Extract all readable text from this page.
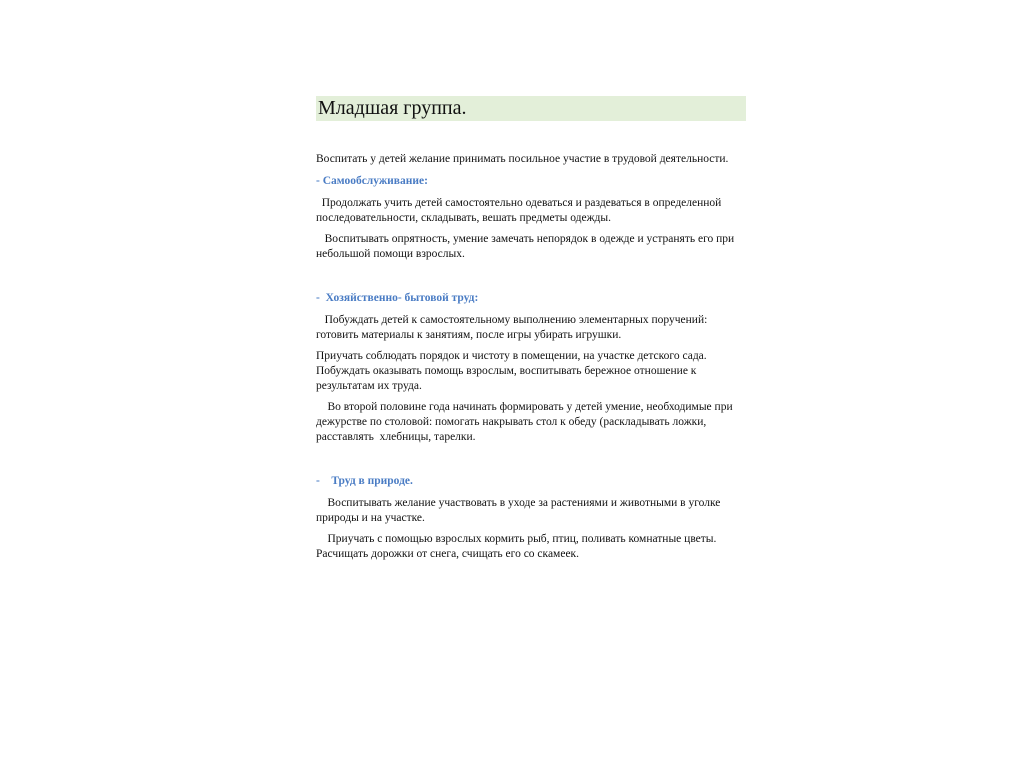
Младшая группа.

Воспитать у детей желание принимать посильное участие в трудовой деятельности.

- Самообслуживание:

Продолжать учить детей самостоятельно одеваться и раздеваться в определенной  последовательности, складывать, вешать предметы одежды.

Воспитывать опрятность, умение замечать непорядок в одежде и устранять его при небольшой помощи взрослых.

-  Хозяйственно- бытовой труд:

Побуждать детей к самостоятельному выполнению элементарных поручений: готовить материалы к занятиям, после игры убирать игрушки.

Приучать соблюдать порядок и чистоту в помещении, на участке детского сада. Побуждать оказывать помощь взрослым, воспитывать бережное отношение к результатам их труда.

Во второй половине года начинать формировать у детей умение, необходимые при дежурстве по столовой: помогать накрывать стол к обеду (раскладывать ложки, расставлять  хлебницы, тарелки.

-    Труд в природе.

Воспитывать желание участвовать в уходе за растениями и животными в уголке природы и на участке.

Приучать с помощью взрослых кормить рыб, птиц, поливать комнатные цветы. Расчищать дорожки от снега, счищать его со скамеек.
